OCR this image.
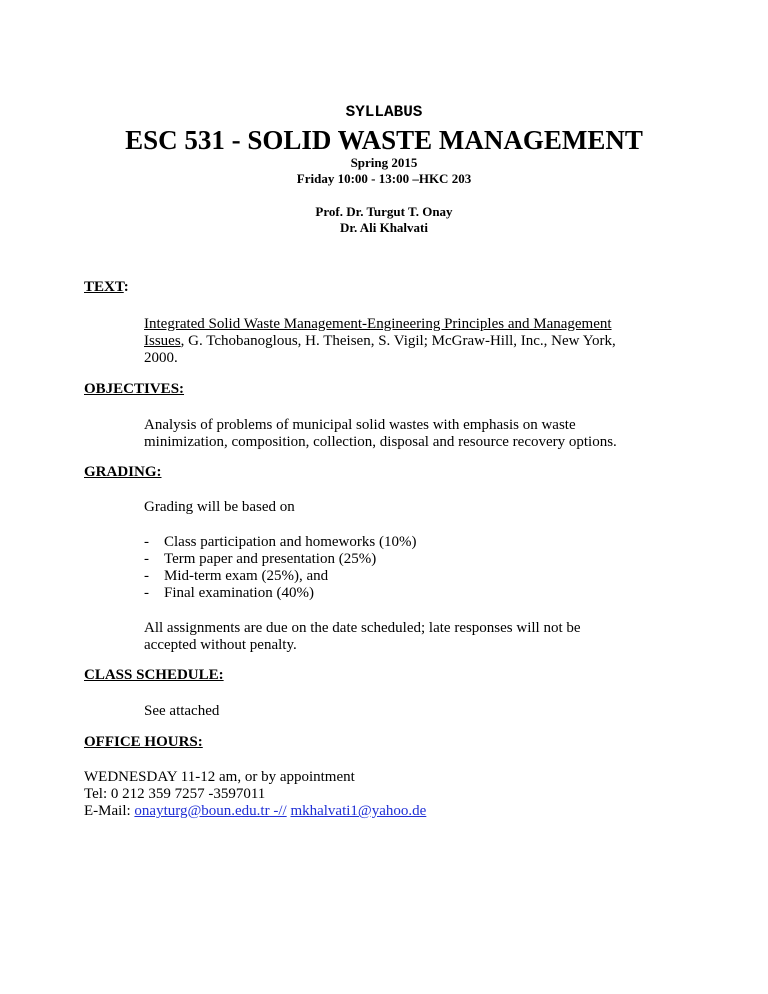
SYLLABUS
ESC 531 - SOLID WASTE MANAGEMENT
Spring 2015
Friday 10:00 - 13:00 –HKC 203
Prof. Dr. Turgut T. Onay
Dr. Ali Khalvati
TEXT:
Integrated Solid Waste Management-Engineering Principles and Management
Issues, G. Tchobanoglous, H. Theisen, S. Vigil; McGraw-Hill, Inc., New York,
2000.
OBJECTIVES:
Analysis of problems of municipal solid wastes with emphasis on waste
minimization, composition, collection, disposal and resource recovery options.
GRADING:
Grading will be based on
- Class participation and homeworks (10%)
- Term paper and presentation (25%)
- Mid-term exam (25%), and
- Final examination (40%)
All assignments are due on the date scheduled; late responses will not be
accepted without penalty.
CLASS SCHEDULE:
See attached
OFFICE HOURS:
WEDNESDAY 11-12 am, or by appointment
Tel: 0 212 359 7257 -3597011
E-Mail: onayturg@boun.edu.tr -// mkhalvati1@yahoo.de
